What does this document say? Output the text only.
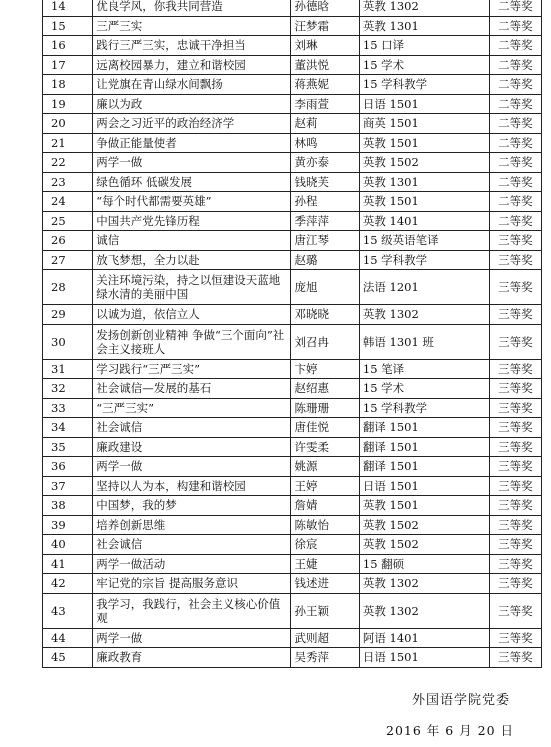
14	优良学风，你我共同营造	孙德晗	英教 1302	二等奖
15	三严三实	汪梦霜	英教 1301	二等奖
16	践行三严三实，忠诚干净担当	刘琳	15 口译	二等奖
17	远离校园暴力，建立和谐校园	董洪悦	15 学术	二等奖
18	让党旗在青山绿水间飘扬	蒋燕妮	15 学科教学	二等奖
19	廉以为政	李雨萱	日语 1501	二等奖
20	两会之习近平的政治经济学	赵莉	商英 1501	二等奖
21	争做正能量使者	林鸣	英教 1501	二等奖
22	两学一做	黄亦泰	英教 1502	二等奖
23	绿色循环 低碳发展	钱晓芙	英教 1301	二等奖
24	“每个时代都需要英雄”	孙程	英教 1501	二等奖
25	中国共产党先锋历程	季萍萍	英教 1401	二等奖
26	诚信	唐江琴	15 级英语笔译	三等奖
27	放飞梦想，全力以赴	赵璐	15 学科教学	三等奖
28	关注环境污染，持之以恒建设天蓝地绿水清的美丽中国	庞旭	法语 1201	三等奖
29	以诚为道，依信立人	邓晓晓	英教 1302	三等奖
30	发扬创新创业精神 争做“三个面向”社会主义接班人	刘召冉	韩语 1301 班	三等奖
31	学习践行“三严三实”	卞婷	15 笔译	三等奖
32	社会诚信—发展的基石	赵绍惠	15 学术	三等奖
33	“三严三实”	陈珊珊	15 学科教学	三等奖
34	社会诚信	唐佳悦	翻译 1501	三等奖
35	廉政建设	许雯柔	翻译 1501	三等奖
36	两学一做	姚源	翻译 1501	三等奖
37	坚持以人为本，构建和谐校园	王婷	日语 1501	三等奖
38	中国梦，我的梦	詹婧	英教 1501	三等奖
39	培养创新思维	陈敏怡	英教 1502	三等奖
40	社会诚信	徐宸	英教 1502	三等奖
41	两学一做活动	王婕	15 翻硕	三等奖
42	牢记党的宗旨 提高服务意识	钱述进	英教 1302	三等奖
43	我学习，我践行，社会主义核心价值观	孙王颖	英教 1302	三等奖
44	两学一做	武则超	阿语 1401	三等奖
45	廉政教育	吴秀萍	日语 1501	三等奖
外国语学院党委
2016 年 6 月 20 日
